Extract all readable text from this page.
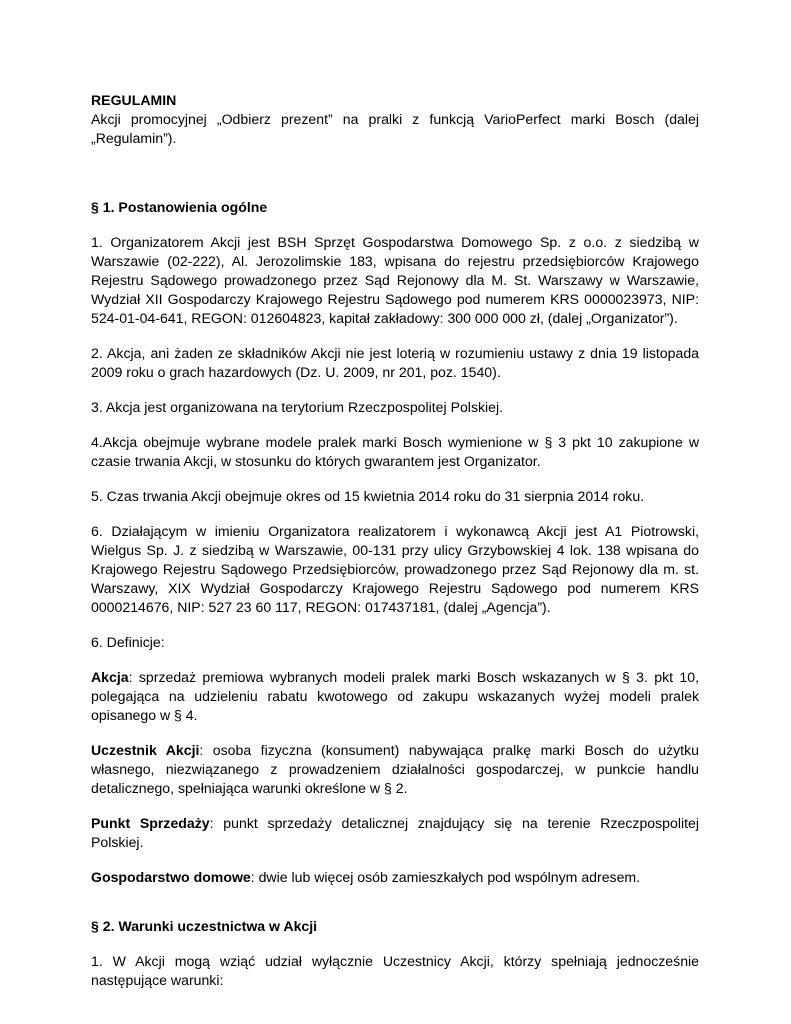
REGULAMIN

Akcji promocyjnej „Odbierz prezent” na pralki z funkcją VarioPerfect marki Bosch (dalej „Regulamin”).

§ 1. Postanowienia ogólne

1. Organizatorem Akcji jest BSH Sprzęt Gospodarstwa Domowego Sp. z o.o. z siedzibą w Warszawie (02-222), Al. Jerozolimskie 183, wpisana do rejestru przedsiębiorców Krajowego Rejestru Sądowego prowadzonego przez Sąd Rejonowy dla M. St. Warszawy w Warszawie, Wydział XII Gospodarczy Krajowego Rejestru Sądowego pod numerem KRS 0000023973, NIP: 524-01-04-641, REGON: 012604823, kapitał zakładowy: 300 000 000 zł, (dalej „Organizator”).

2. Akcja, ani żaden ze składników Akcji nie jest loterią w rozumieniu ustawy z dnia 19 listopada 2009 roku o grach hazardowych (Dz. U. 2009, nr 201, poz. 1540).

3. Akcja jest organizowana na terytorium Rzeczpospolitej Polskiej.

4.Akcja obejmuje wybrane modele pralek marki Bosch wymienione w § 3 pkt 10 zakupione w czasie trwania Akcji, w stosunku do których gwarantem jest Organizator.

5. Czas trwania Akcji obejmuje okres od 15 kwietnia 2014 roku do 31 sierpnia 2014 roku.

6. Działającym w imieniu Organizatora realizatorem i wykonawcą Akcji jest A1 Piotrowski, Wielgus Sp. J. z siedzibą w Warszawie, 00-131 przy ulicy Grzybowskiej 4 lok. 138 wpisana do Krajowego Rejestru Sądowego Przedsiębiorców, prowadzonego przez Sąd Rejonowy dla m. st. Warszawy, XIX Wydział Gospodarczy Krajowego Rejestru Sądowego pod numerem KRS 0000214676, NIP: 527 23 60 117, REGON: 017437181, (dalej „Agencja”).

6. Definicje:

Akcja: sprzedaż premiowa wybranych modeli pralek marki Bosch wskazanych w § 3. pkt 10, polegająca na udzieleniu rabatu kwotowego od zakupu wskazanych wyżej modeli pralek opisanego w § 4.

Uczestnik Akcji: osoba fizyczna (konsument) nabywająca pralkę marki Bosch do użytku własnego, niezwiązanego z prowadzeniem działalności gospodarczej, w punkcie handlu detalicznego, spełniająca warunki określone w § 2.

Punkt Sprzedaży: punkt sprzedaży detalicznej znajdujący się na terenie Rzeczpospolitej Polskiej.

Gospodarstwo domowe: dwie lub więcej osób zamieszkałych pod wspólnym adresem.

§ 2. Warunki uczestnictwa w Akcji

1. W Akcji mogą wziąć udział wyłącznie Uczestnicy Akcji, którzy spełniają jednocześnie następujące warunki:
